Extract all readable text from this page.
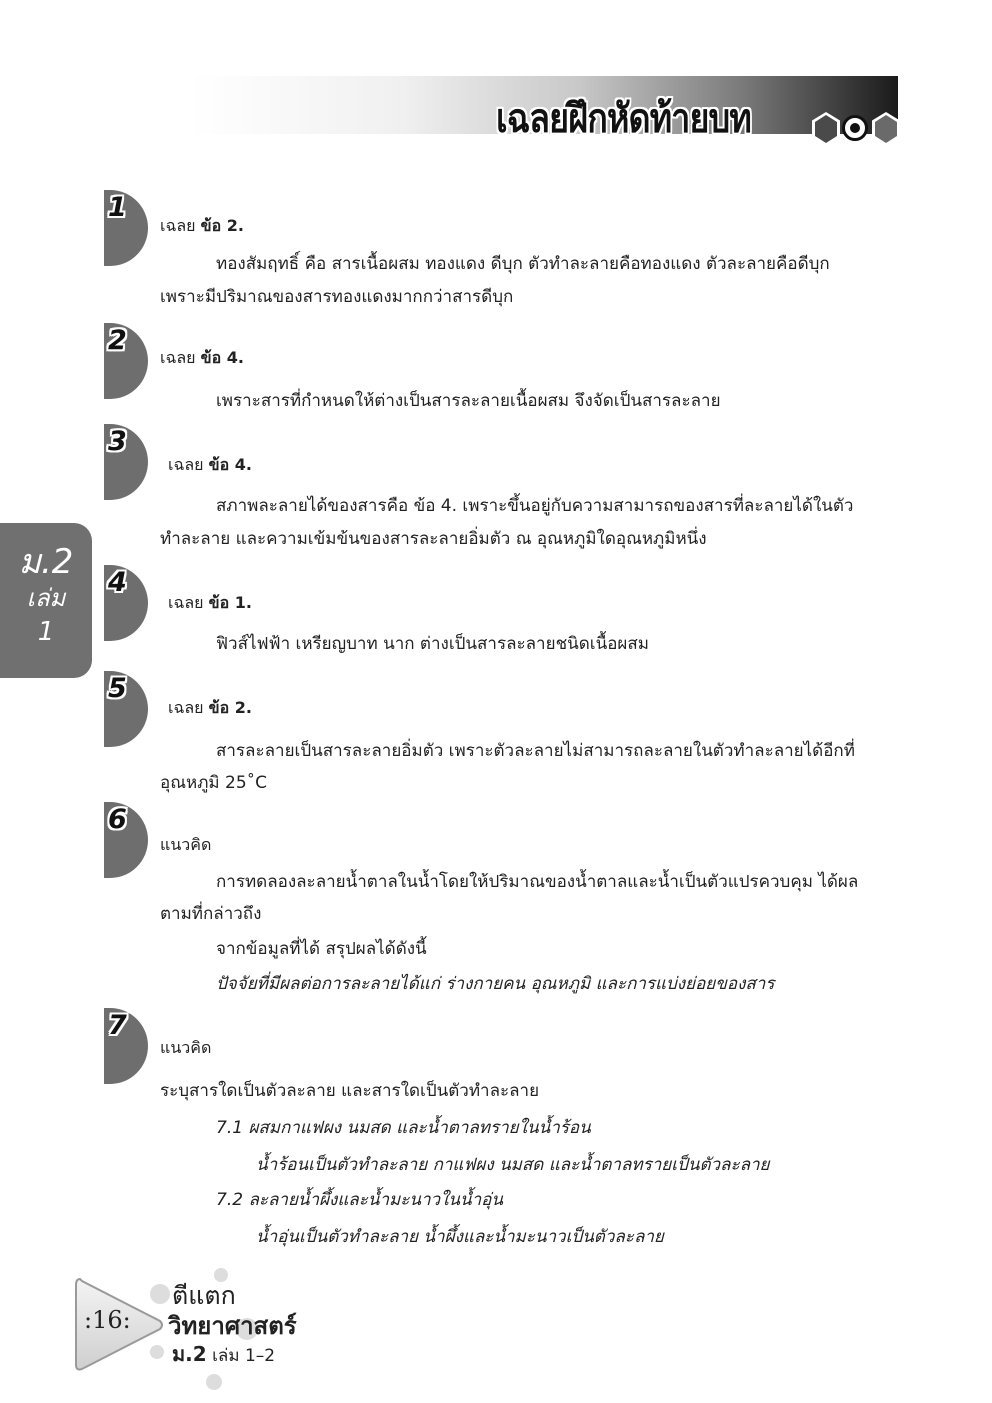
เฉลยฝึกหัดท้ายบท
ม.2
เล่ม
1
1
เฉลย ข้อ 2.
ทองสัมฤทธิ์ คือ สารเนื้อผสม ทองแดง ดีบุก ตัวทำละลายคือทองแดง ตัวละลายคือดีบุก
เพราะมีปริมาณของสารทองแดงมากกว่าสารดีบุก
2
เฉลย ข้อ 4.
เพราะสารที่กำหนดให้ต่างเป็นสารละลายเนื้อผสม จึงจัดเป็นสารละลาย
3
เฉลย ข้อ 4.
สภาพละลายได้ของสารคือ ข้อ 4. เพราะขึ้นอยู่กับความสามารถของสารที่ละลายได้ในตัว
ทำละลาย และความเข้มข้นของสารละลายอิ่มตัว ณ อุณหภูมิใดอุณหภูมิหนึ่ง
4
เฉลย ข้อ 1.
ฟิวส์ไฟฟ้า เหรียญบาท นาก ต่างเป็นสารละลายชนิดเนื้อผสม
5
เฉลย ข้อ 2.
สารละลายเป็นสารละลายอิ่มตัว เพราะตัวละลายไม่สามารถละลายในตัวทำละลายได้อีกที่
อุณหภูมิ 25˚C
6
แนวคิด
การทดลองละลายน้ำตาลในน้ำโดยให้ปริมาณของน้ำตาลและน้ำเป็นตัวแปรควบคุม ได้ผล
ตามที่กล่าวถึง
จากข้อมูลที่ได้ สรุปผลได้ดังนี้
ปัจจัยที่มีผลต่อการละลายได้แก่ ร่างกายคน อุณหภูมิ และการแบ่งย่อยของสาร
7
แนวคิด
ระบุสารใดเป็นตัวละลาย และสารใดเป็นตัวทำละลาย
7.1 ผสมกาแฟผง นมสด และน้ำตาลทรายในน้ำร้อน
น้ำร้อนเป็นตัวทำละลาย กาแฟผง นมสด และน้ำตาลทรายเป็นตัวละลาย
7.2 ละลายน้ำผึ้งและน้ำมะนาวในน้ำอุ่น
น้ำอุ่นเป็นตัวทำละลาย น้ำผึ้งและน้ำมะนาวเป็นตัวละลาย
:16:
ตีแตก
วิทยาศาสตร์
ม.2 เล่ม 1–2
